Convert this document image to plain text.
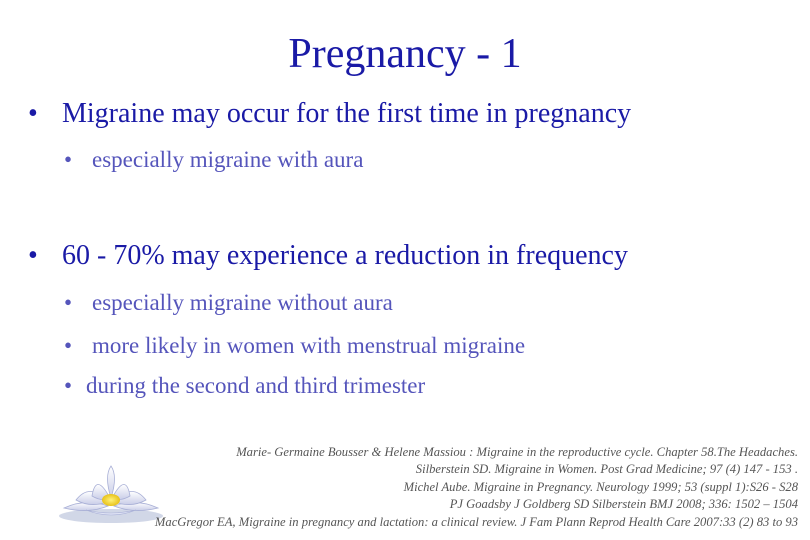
Pregnancy - 1
• Migraine may occur for the first time in pregnancy
• especially migraine with aura
• 60 - 70% may experience a reduction in frequency
• especially migraine without aura
• more likely in women with menstrual migraine
• during the second and third trimester
Marie- Germaine Bousser & Helene Massiou : Migraine in the reproductive cycle. Chapter 58.The Headaches.
Silberstein SD. Migraine in Women. Post Grad Medicine; 97 (4) 147 - 153 .
Michel Aube. Migraine in Pregnancy. Neurology 1999; 53 (suppl 1):S26 - S28
PJ Goadsby J Goldberg SD Silberstein BMJ 2008; 336: 1502 – 1504
MacGregor EA, Migraine in pregnancy and lactation: a clinical review. J Fam Plann Reprod Health Care 2007:33 (2) 83 to 93
